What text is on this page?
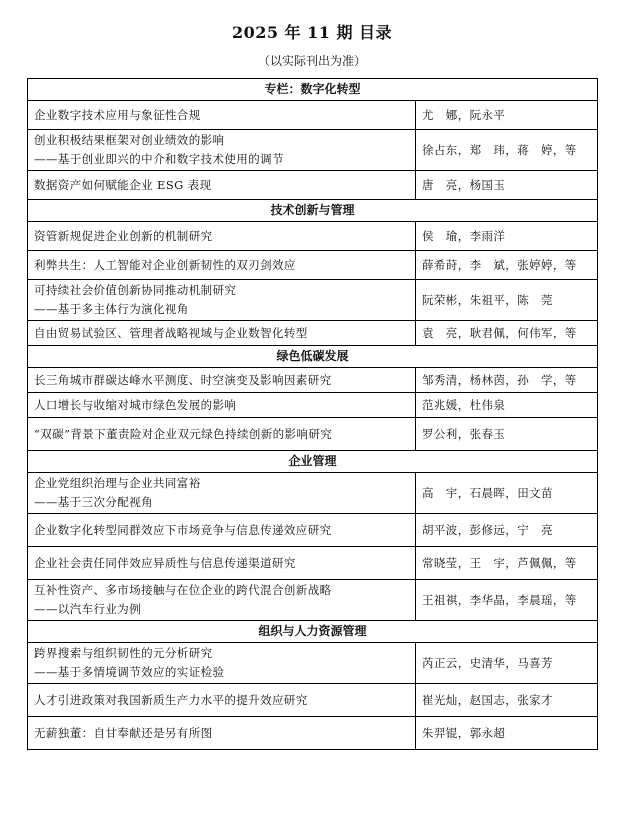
2025 年 11 期 目录
（以实际刊出为准）
专栏：数字化转型	

企业数字技术应用与象征性合规	尤　娜，阮永平

创业积极结果框架对创业绩效的影响
——基于创业即兴的中介和数字技术使用的调节	徐占东，郑　玮，蒋　婷，等

数据资产如何赋能企业 ESG 表现	唐　亮，杨国玉
技术创新与管理	

资管新规促进企业创新的机制研究	侯　瑜，李雨洋

利弊共生：人工智能对企业创新韧性的双刃剑效应	薛希莳，李　斌，张婷婷，等

可持续社会价值创新协同推动机制研究
——基于多主体行为演化视角	阮荣彬，朱祖平，陈　莞

自由贸易试验区、管理者战略视域与企业数智化转型	袁　亮，耿君佩，何伟军，等
绿色低碳发展	

长三角城市群碳达峰水平测度、时空演变及影响因素研究	邹秀清，杨林茵，孙　学，等

人口增长与收缩对城市绿色发展的影响	范兆媛，杜伟泉

“双碳”背景下董责险对企业双元绿色持续创新的影响研究	罗公利，张春玉
企业管理	

企业党组织治理与企业共同富裕
——基于三次分配视角	高　宇，石晨晖，田文苗

企业数字化转型同群效应下市场竞争与信息传递效应研究	胡平波，彭修远，宁　亮

企业社会责任同伴效应异质性与信息传递渠道研究	常晓莹，王　宇，芦佩佩，等

互补性资产、多市场接触与在位企业的跨代混合创新战略
——以汽车行业为例	王祖祺，李华晶，李晨瑶，等
组织与人力资源管理	

跨界搜索与组织韧性的元分析研究
——基于多情境调节效应的实证检验	芮正云，史清华，马喜芳

人才引进政策对我国新质生产力水平的提升效应研究	崔光灿，赵国志，张家才

无薪独董：自甘奉献还是另有所图	朱羿锟，郭永超
